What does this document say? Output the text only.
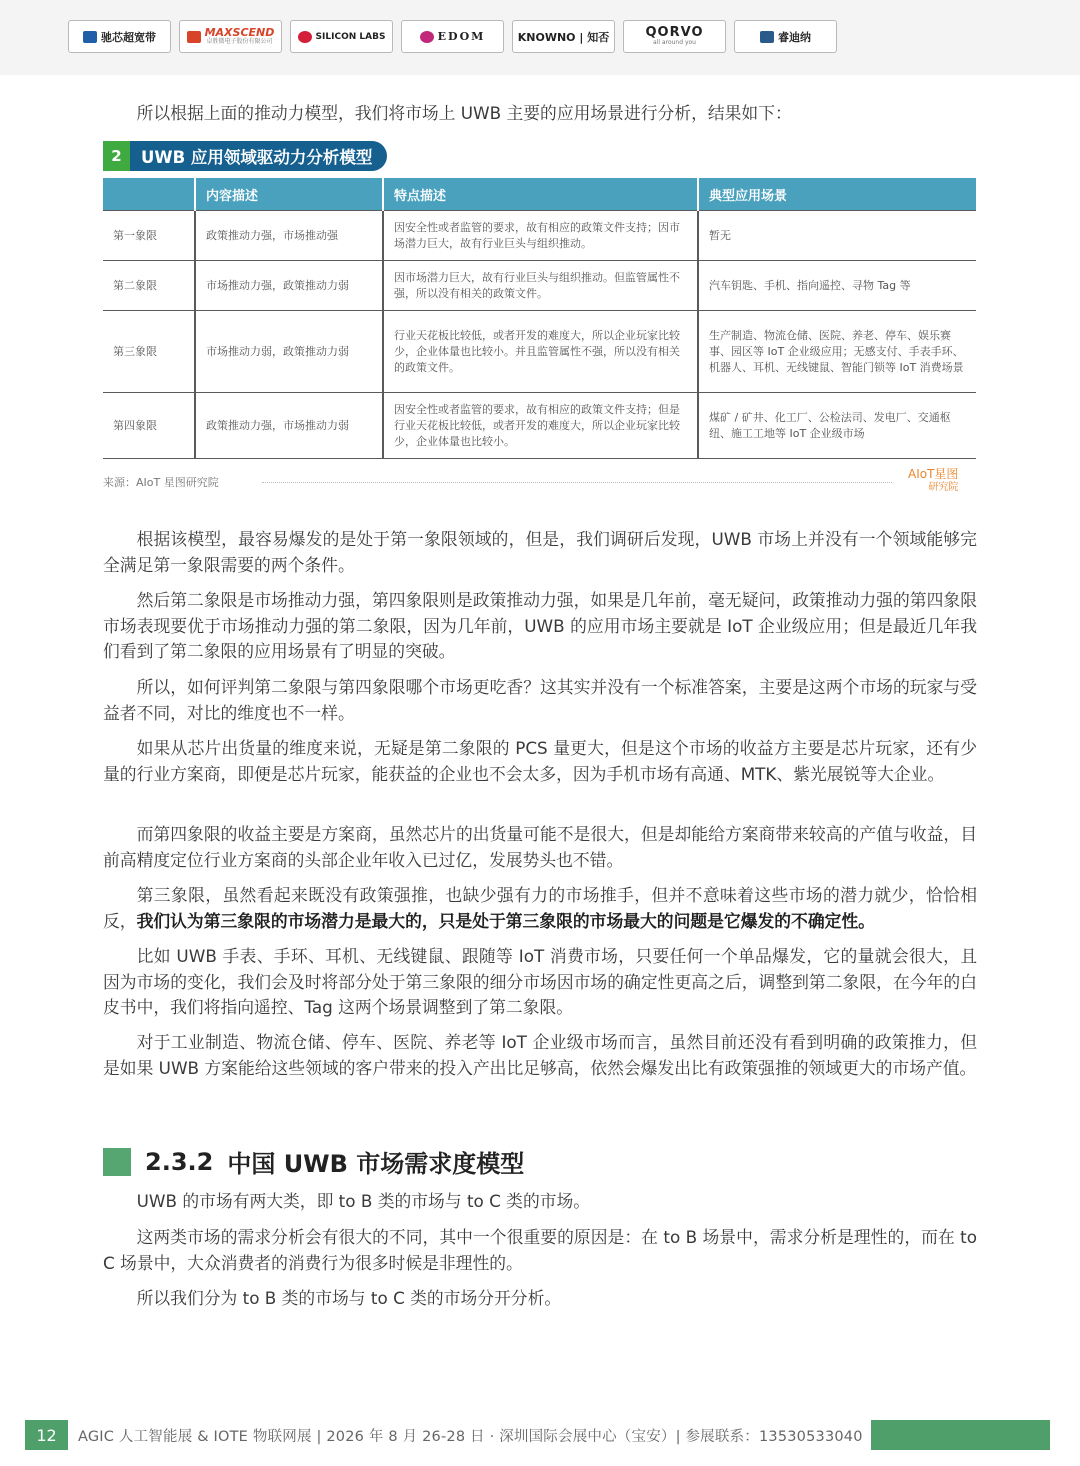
驰芯超宽带	MAXSCEND
卓胜微电子股份有限公司
SILICON LABS	EDOM	KNOWNO | 知否	QORVO
all around you	睿迪纳

所以根据上面的推动力模型，我们将市场上 UWB 主要的应用场景进行分析，结果如下：

2	UWB 应用领域驱动力分析模型
	内容描述	特点描述	典型应用场景
第一象限	政策推动力强，市场推动强	因安全性或者监管的要求，故有相应的政策文件支持；因市场潜力巨大，故有行业巨头与组织推动。	暂无
第二象限	市场推动力强，政策推动力弱	因市场潜力巨大，故有行业巨头与组织推动。但监管属性不强，所以没有相关的政策文件。	汽车钥匙、手机、指向遥控、寻物 Tag 等
第三象限	市场推动力弱，政策推动力弱	行业天花板比较低，或者开发的难度大，所以企业玩家比较少，企业体量也比较小。并且监管属性不强，所以没有相关的政策文件。	生产制造、物流仓储、医院、养老、停车、娱乐赛事、园区等 IoT 企业级应用；无感支付、手表手环、机器人、耳机、无线键鼠、智能门锁等 IoT 消费场景
第四象限	政策推动力强，市场推动力弱	因安全性或者监管的要求，故有相应的政策文件支持；但是行业天花板比较低，或者开发的难度大，所以企业玩家比较少，企业体量也比较小。	煤矿 / 矿井、化工厂、公检法司、发电厂、交通枢纽、施工工地等 IoT 企业级市场
来源：AIoT 星图研究院
AIoT星图
研究院

根据该模型，最容易爆发的是处于第一象限领域的，但是，我们调研后发现，UWB 市场上并没有一个领域能够完全满足第一象限需要的两个条件。

然后第二象限是市场推动力强，第四象限则是政策推动力强，如果是几年前，毫无疑问，政策推动力强的第四象限市场表现要优于市场推动力强的第二象限，因为几年前，UWB 的应用市场主要就是 IoT 企业级应用；但是最近几年我们看到了第二象限的应用场景有了明显的突破。

所以，如何评判第二象限与第四象限哪个市场更吃香？这其实并没有一个标准答案，主要是这两个市场的玩家与受益者不同，对比的维度也不一样。

如果从芯片出货量的维度来说，无疑是第二象限的 PCS 量更大，但是这个市场的收益方主要是芯片玩家，还有少量的行业方案商，即便是芯片玩家，能获益的企业也不会太多，因为手机市场有高通、MTK、紫光展锐等大企业。

而第四象限的收益主要是方案商，虽然芯片的出货量可能不是很大，但是却能给方案商带来较高的产值与收益，目前高精度定位行业方案商的头部企业年收入已过亿，发展势头也不错。

第三象限，虽然看起来既没有政策强推，也缺少强有力的市场推手，但并不意味着这些市场的潜力就少，恰恰相反，我们认为第三象限的市场潜力是最大的，只是处于第三象限的市场最大的问题是它爆发的不确定性。

比如 UWB 手表、手环、耳机、无线键鼠、跟随等 IoT 消费市场，只要任何一个单品爆发，它的量就会很大，且因为市场的变化，我们会及时将部分处于第三象限的细分市场因市场的确定性更高之后，调整到第二象限，在今年的白皮书中，我们将指向遥控、Tag 这两个场景调整到了第二象限。

对于工业制造、物流仓储、停车、医院、养老等 IoT 企业级市场而言，虽然目前还没有看到明确的政策推力，但是如果 UWB 方案能给这些领域的客户带来的投入产出比足够高，依然会爆发出比有政策强推的领域更大的市场产值。

2.3.2 中国 UWB 市场需求度模型

UWB 的市场有两大类，即 to B 类的市场与 to C 类的市场。

这两类市场的需求分析会有很大的不同，其中一个很重要的原因是：在 to B 场景中，需求分析是理性的，而在 to C 场景中，大众消费者的消费行为很多时候是非理性的。

所以我们分为 to B 类的市场与 to C 类的市场分开分析。

12	AGIC 人工智能展 & IOTE 物联网展 | 2026 年 8 月 26-28 日 · 深圳国际会展中心（宝安）| 参展联系：13530533040
